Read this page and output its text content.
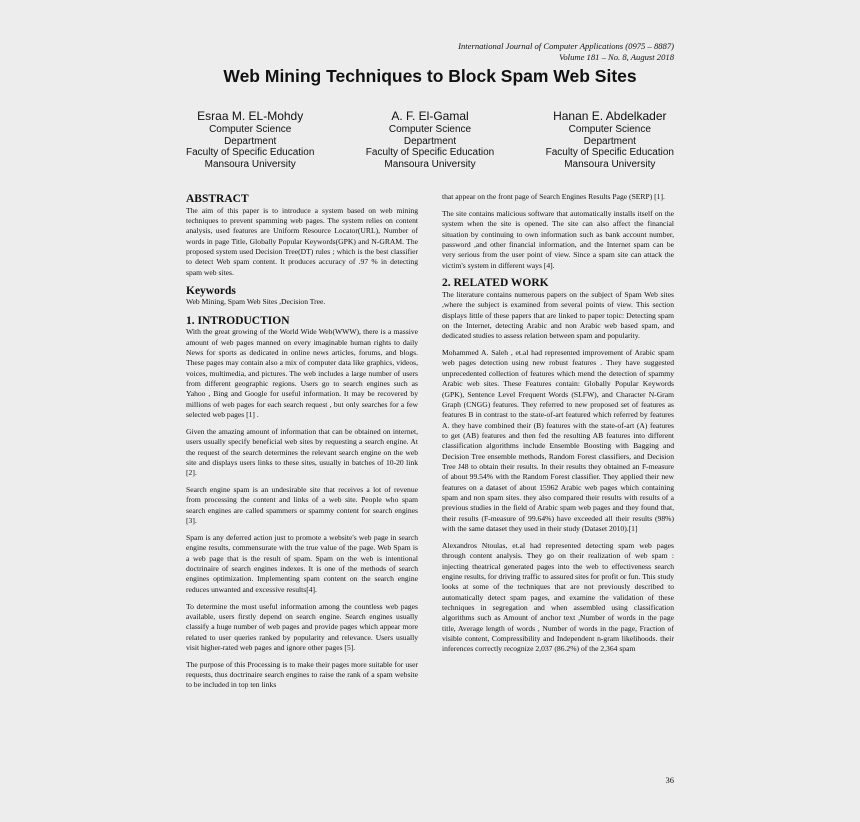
International Journal of Computer Applications (0975 – 8887)
Volume 181 – No. 8, August 2018
Web Mining Techniques to Block Spam Web Sites
Esraa M. EL-Mohdy
Computer Science
Department
Faculty of Specific Education
Mansoura University
A. F. El-Gamal
Computer Science
Department
Faculty of Specific Education
Mansoura University
Hanan E. Abdelkader
Computer Science
Department
Faculty of Specific Education
Mansoura University
ABSTRACT

The aim of this paper is to introduce a system based on web mining techniques to prevent spamming web pages. The system relies on content analysis, used features are Uniform Resource Locator(URL), Number of words in page Title, Globally Popular Keywords(GPK) and N-GRAM. The proposed system used Decision Tree(DT) rules ; which is the best classifier to detect Web spam content. It produces accuracy of .97 % in detecting spam web sites.

Keywords

Web Mining, Spam Web Sites ,Decision Tree.

1. INTRODUCTION

With the great growing of the World Wide Web(WWW), there is a massive amount of web pages manned on every imaginable human rights to daily News for sports as dedicated in online news articles, forums, and blogs. These pages may contain also a mix of computer data like graphics, videos, voices, multimedia, and pictures. The web includes a large number of users from different geographic regions. Users go to search engines such as Yahoo , Bing and Google for useful information. It may be recovered by millions of web pages for each search request , but only searches for a few selected web pages [1] .

Given the amazing amount of information that can be obtained on internet, users usually specify beneficial web sites by requesting a search engine. At the request of the search determines the relevant search engine on the web site and displays users links to these sites, usually in batches of 10-20 link [2].

Search engine spam is an undesirable site that receives a lot of revenue from processing the content and links of a web site. People who spam search engines are called spammers or spammy content for search engines [3].

Spam is any deferred action just to promote a website's web page in search engine results, commensurate with the true value of the page. Web Spam is a web page that is the result of spam. Spam on the web is intentional doctrinaire of search engines indexes. It is one of the methods of search engines optimization. Implementing spam content on the search engine reduces unwanted and excessive results[4].

To determine the most useful information among the countless web pages available, users firstly depend on search engine. Search engines usually classify a huge number of web pages and provide pages which appear more related to user queries ranked by popularity and relevance. Users usually visit higher-rated web pages and ignore other pages [5].

The purpose of this Processing is to make their pages more suitable for user requests, thus doctrinaire search engines to raise the rank of a spam website to be included in top ten links

that appear on the front page of Search Engines Results Page (SERP) [1].

The site contains malicious software that automatically installs itself on the system when the site is opened. The site can also affect the financial situation by continuing to own information such as bank account number, password ,and other financial information, and the Internet spam can be very serious from the user point of view. Since a spam site can attack the victim's system in different ways [4].

2. RELATED WORK

The literature contains numerous papers on the subject of Spam Web sites ,where the subject is examined from several points of view. This section displays little of these papers that are linked to paper topic: Detecting spam on the Internet, detecting Arabic and non Arabic web based spam, and dedicated studies to assess relation between spam and popularity.

Mohammed A. Saleh , et.al had represented improvement of Arabic spam web pages detection using new robust features . They have suggested unprecedented collection of features which mend the detection of spammy Arabic web sites. These Features contain: Globally Popular Keywords (GPK), Sentence Level Frequent Words (SLFW), and Character N-Gram Graph (CNGG) features. They referred to new proposed set of features as features B in contrast to the state-of-art featured which referred by features A. they have combined their (B) features with the state-of-art (A) features to get (AB) features and then fed the resulting AB features into different classification algorithms include Ensemble Boosting with Bagging and Decision Tree ensemble methods, Random Forest classifiers, and Decision Tree J48 to obtain their results. In their results they obtained an F-measure of about 99.54% with the Random Forest classifier. They applied their new features on a dataset of about 15962 Arabic web pages which containing spam and non spam sites. they also compared their results with results of a previous studies in the field of Arabic spam web pages and they found that, their results (F-measure of 99.64%) have exceeded all their results (98%) with the same dataset they used in their study (Dataset 2010).[1]

Alexandros Ntoulas, et.al had represented detecting spam web pages through content analysis. They go on their realization of web spam : injecting theatrical generated pages into the web to effectiveness search engine results, for driving traffic to assured sites for profit or fun. This study looks at some of the techniques that are not previously described to automatically detect spam pages, and examine the validation of these techniques in segregation and when assembled using classification algorithms such as Amount of anchor text ,Number of words in the page title, Average length of words , Number of words in the page, Fraction of visible content, Compressibility and Independent n-gram likelihoods. their inferences correctly recognize 2,037 (86.2%) of the 2,364 spam

36
